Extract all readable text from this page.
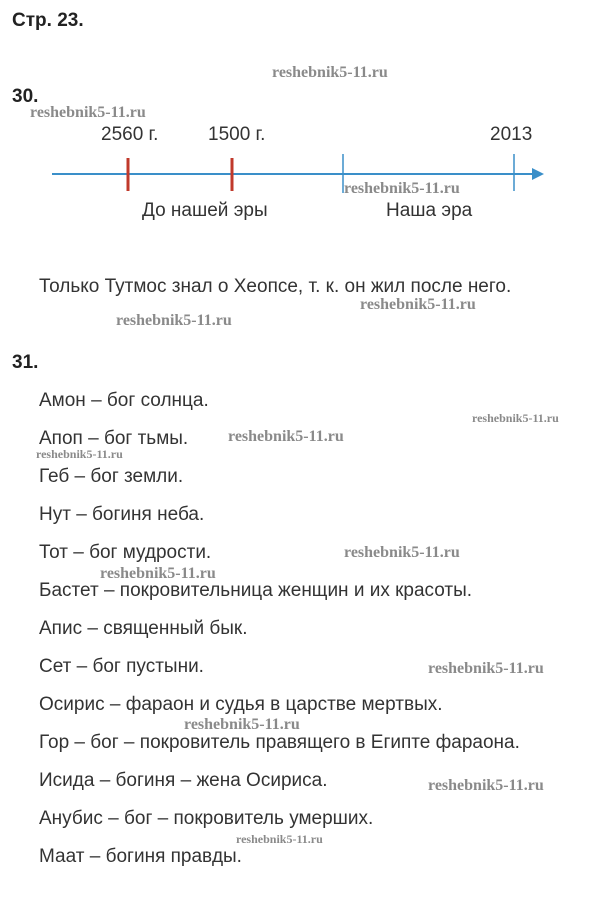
Стр. 23.
30.
2560 г.	1500 г.	2013
До нашей эры	Наша эра
Только Тутмос знал о Хеопсе, т. к. он жил после него.
31.
Амон – бог солнца.
Апоп – бог тьмы.
Геб – бог земли.
Нут – богиня неба.
Тот – бог мудрости.
Бастет – покровительница женщин и их красоты.
Апис – священный бык.
Сет – бог пустыни.
Осирис – фараон и судья в царстве мертвых.
Гор – бог – покровитель правящего в Египте фараона.
Исида – богиня – жена Осириса.
Анубис – бог – покровитель умерших.
Маат – богиня правды.
reshebnik5-11.ru
reshebnik5-11.ru
reshebnik5-11.ru
reshebnik5-11.ru
reshebnik5-11.ru
reshebnik5-11.ru
reshebnik5-11.ru
reshebnik5-11.ru
reshebnik5-11.ru
reshebnik5-11.ru
reshebnik5-11.ru
reshebnik5-11.ru
reshebnik5-11.ru
reshebnik5-11.ru
